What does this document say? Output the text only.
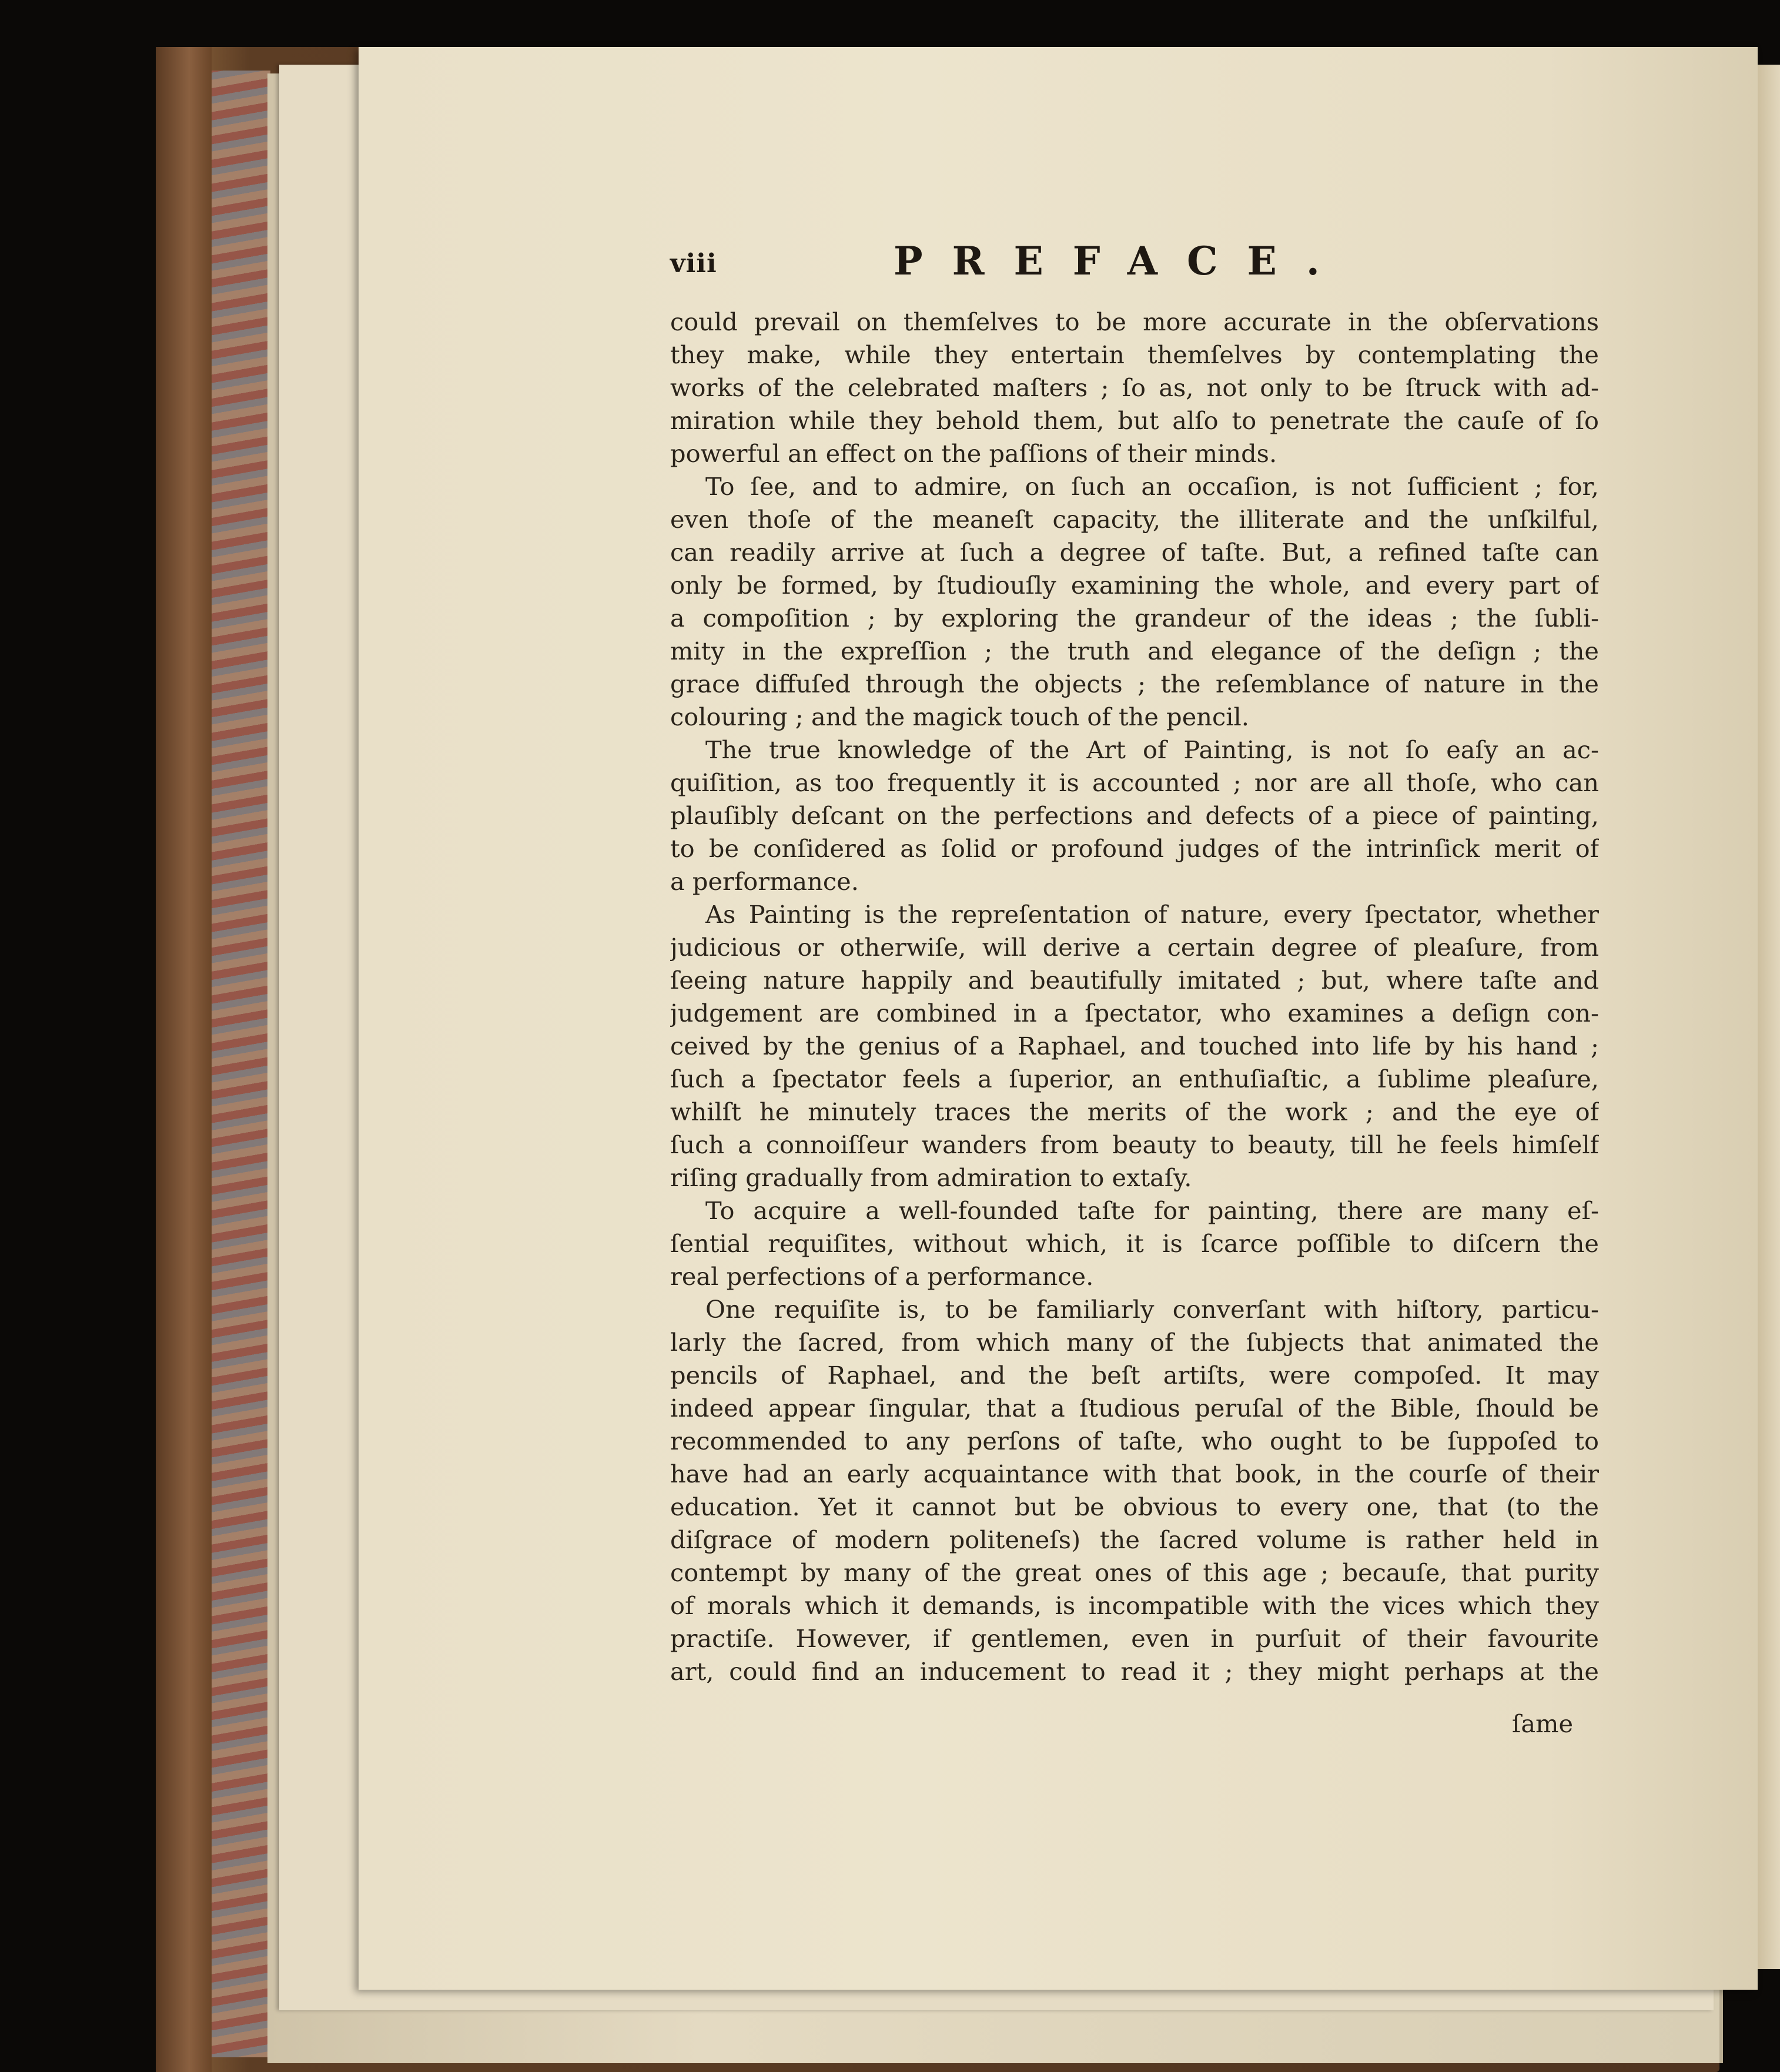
viii	PREFACE.
could prevail on themſelves to be more accurate in the obſervations
they make, while they entertain themſelves by contemplating the
works of the celebrated maſters ; ſo as, not only to be ſtruck with ad-
miration while they behold them, but alſo to penetrate the cauſe of ſo
powerful an effect on the paſſions of their minds.
To ſee, and to admire, on ſuch an occaſion, is not ſufficient ; for,
even thoſe of the meaneſt capacity, the illiterate and the unſkilful,
can readily arrive at ſuch a degree of taſte. But, a refined taſte can
only be formed, by ſtudiouſly examining the whole, and every part of
a compoſition ; by exploring the grandeur of the ideas ; the ſubli-
mity in the expreſſion ; the truth and elegance of the deſign ; the
grace diffuſed through the objects ; the reſemblance of nature in the
colouring ; and the magick touch of the pencil.
The true knowledge of the Art of Painting, is not ſo eaſy an ac-
quiſition, as too frequently it is accounted ; nor are all thoſe, who can
plauſibly deſcant on the perfections and defects of a piece of painting,
to be conſidered as ſolid or profound judges of the intrinſick merit of
a performance.
As Painting is the repreſentation of nature, every ſpectator, whether
judicious or otherwiſe, will derive a certain degree of pleaſure, from
ſeeing nature happily and beautifully imitated ; but, where taſte and
judgement are combined in a ſpectator, who examines a deſign con-
ceived by the genius of a Raphael, and touched into life by his hand ;
ſuch a ſpectator feels a ſuperior, an enthuſiaſtic, a ſublime pleaſure,
whilſt he minutely traces the merits of the work ; and the eye of
ſuch a connoiſſeur wanders from beauty to beauty, till he feels himſelf
riſing gradually from admiration to extaſy.
To acquire a well-founded taſte for painting, there are many eſ-
ſential requiſites, without which, it is ſcarce poſſible to diſcern the
real perfections of a performance.
One requiſite is, to be familiarly converſant with hiſtory, particu-
larly the ſacred, from which many of the ſubjects that animated the
pencils of Raphael, and the beſt artiſts, were compoſed. It may
indeed appear ſingular, that a ſtudious peruſal of the Bible, ſhould be
recommended to any perſons of taſte, who ought to be ſuppoſed to
have had an early acquaintance with that book, in the courſe of their
education. Yet it cannot but be obvious to every one, that (to the
diſgrace of modern politeneſs) the ſacred volume is rather held in
contempt by many of the great ones of this age ; becauſe, that purity
of morals which it demands, is incompatible with the vices which they
practiſe. However, if gentlemen, even in purſuit of their favourite
art, could find an inducement to read it ; they might perhaps at the
ſame
